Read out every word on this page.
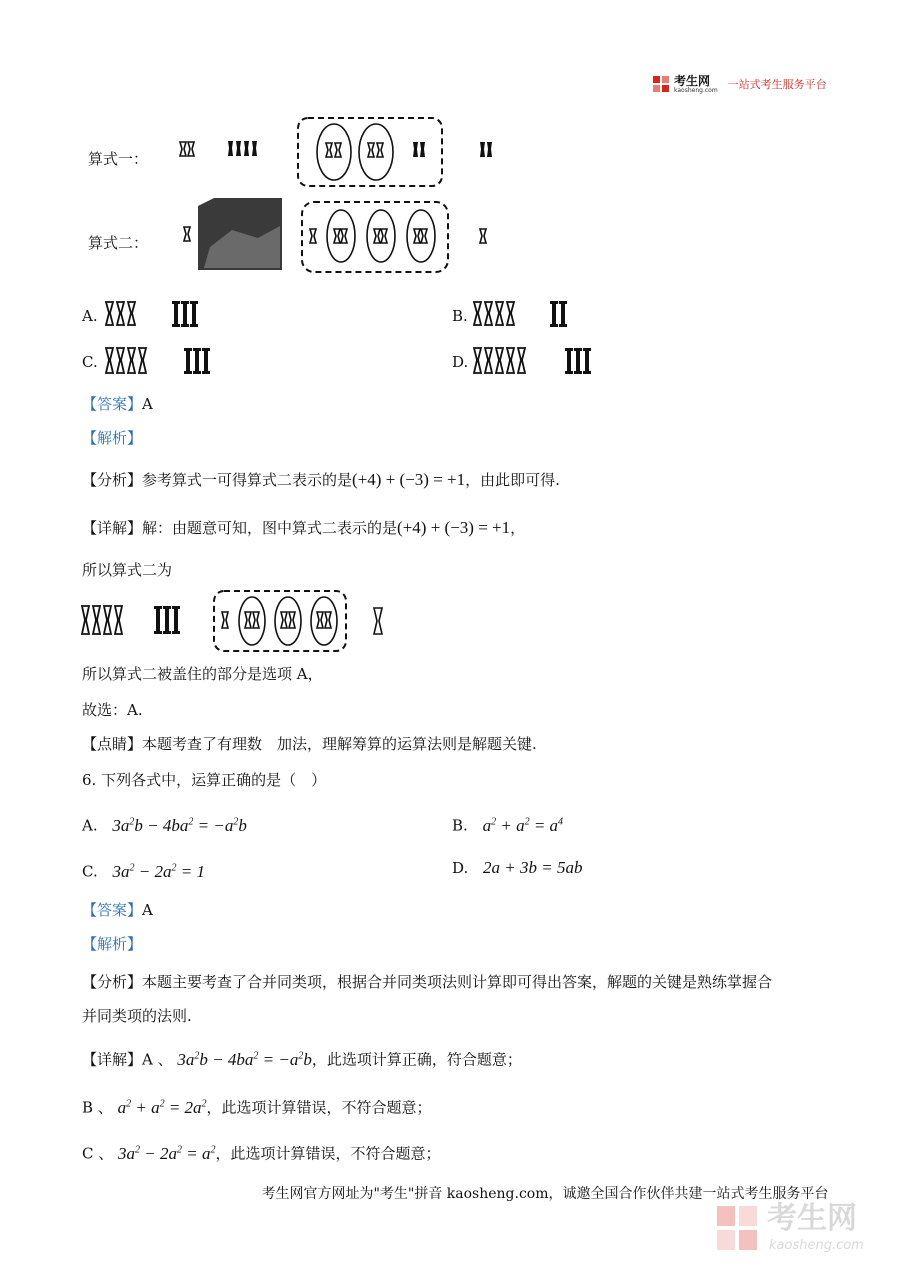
考生网
kaosheng.com 一站式考生服务平台
算式一：
算式二：
A.	B.
C.	D.
【答案】A
【解析】
【分析】参考算式一可得算式二表示的是(+4) + (−3) = +1，由此即可得.
【详解】解：由题意可知，图中算式二表示的是(+4) + (−3) = +1，
所以算式二为
所以算式二被盖住的部分是选项 A，
故选：A.
【点睛】本题考查了有理数　加法，理解筹算的运算法则是解题关键.
6. 下列各式中，运算正确的是（　）
A. $3a^2b - 4ba^2 = -a^2b$	B. $a^2 + a^2 = a^4$
C. $3a^2 - 2a^2 = 1$	D. 2a + 3b = 5ab
【答案】A
【解析】
【分析】本题主要考查了合并同类项，根据合并同类项法则计算即可得出答案，解题的关键是熟练掌握合
并同类项的法则.
【详解】A 、 $3a^2b - 4ba^2 = -a^2b$，此选项计算正确，符合题意；
B 、 $a^2 + a^2 = 2a^2$，此选项计算错误，不符合题意；
C 、 $3a^2 - 2a^2 = a^2$，此选项计算错误，不符合题意；
考生网官方网址为"考生"拼音 kaosheng.com，诚邀全国合作伙伴共建一站式考生服务平台
考生网
kaosheng.com
